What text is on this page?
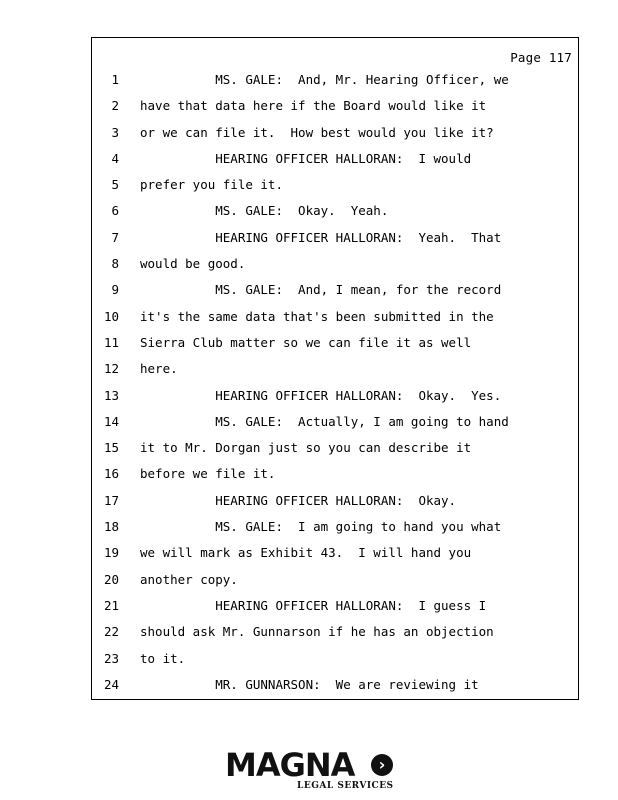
Page 117
1 MS. GALE:  And, Mr. Hearing Officer, we
2 have that data here if the Board would like it
3 or we can file it.  How best would you like it?
4 HEARING OFFICER HALLORAN:  I would
5 prefer you file it.
6 MS. GALE:  Okay.  Yeah.
7 HEARING OFFICER HALLORAN:  Yeah.  That
8 would be good.
9 MS. GALE:  And, I mean, for the record
10 it's the same data that's been submitted in the
11 Sierra Club matter so we can file it as well
12 here.
13 HEARING OFFICER HALLORAN:  Okay.  Yes.
14 MS. GALE:  Actually, I am going to hand
15 it to Mr. Dorgan just so you can describe it
16 before we file it.
17 HEARING OFFICER HALLORAN:  Okay.
18 MS. GALE:  I am going to hand you what
19 we will mark as Exhibit 43.  I will hand you
20 another copy.
21 HEARING OFFICER HALLORAN:  I guess I
22 should ask Mr. Gunnarson if he has an objection
23 to it.
24 MR. GUNNARSON:  We are reviewing it
MAGNA	›
LEGAL SERVICES
